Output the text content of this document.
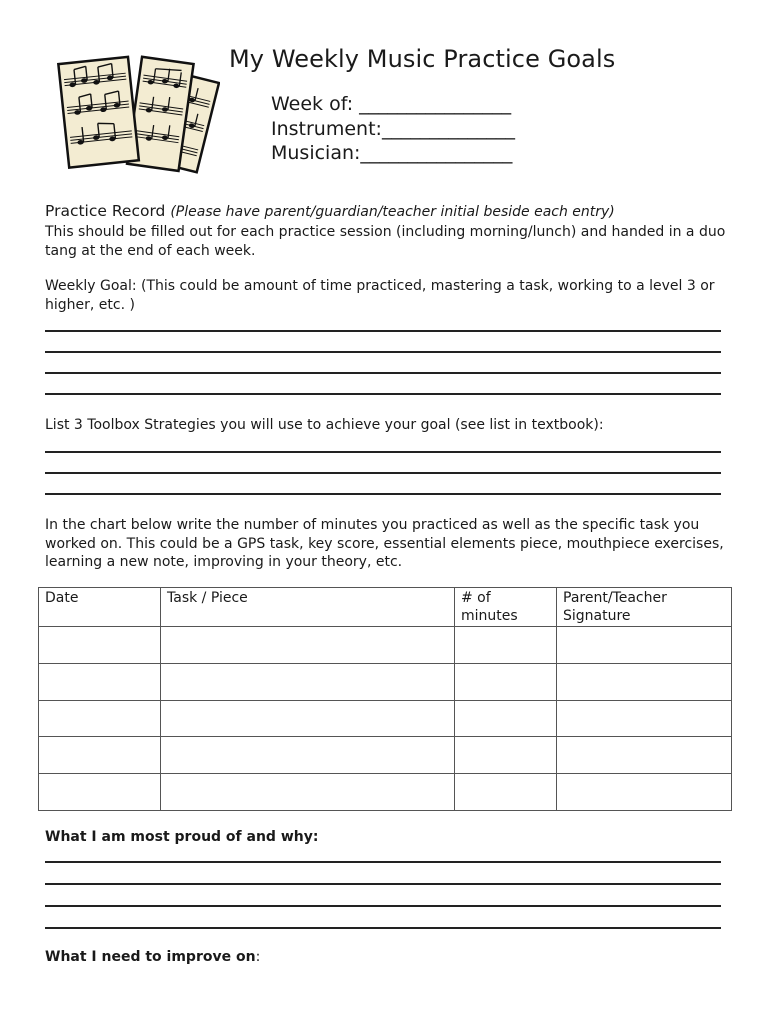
My Weekly Music Practice Goals
Week of: ________________
Instrument:______________
Musician:________________
Practice Record (Please have parent/guardian/teacher initial beside each entry)
This should be filled out for each practice session (including morning/lunch) and handed in a duo tang at the end of each week.
Weekly Goal: (This could be amount of time practiced, mastering a task, working to a level 3 or higher, etc. )
List 3 Toolbox Strategies you will use to achieve your goal (see list in textbook):
In the chart below write the number of minutes you practiced as well as the specific task you worked on. This could be a GPS task, key score, essential elements piece, mouthpiece exercises, learning a new note, improving in your theory, etc.
Date	Task / Piece	# of minutes	Parent/Teacher Signature

What I am most proud of and why:
What I need to improve on:
